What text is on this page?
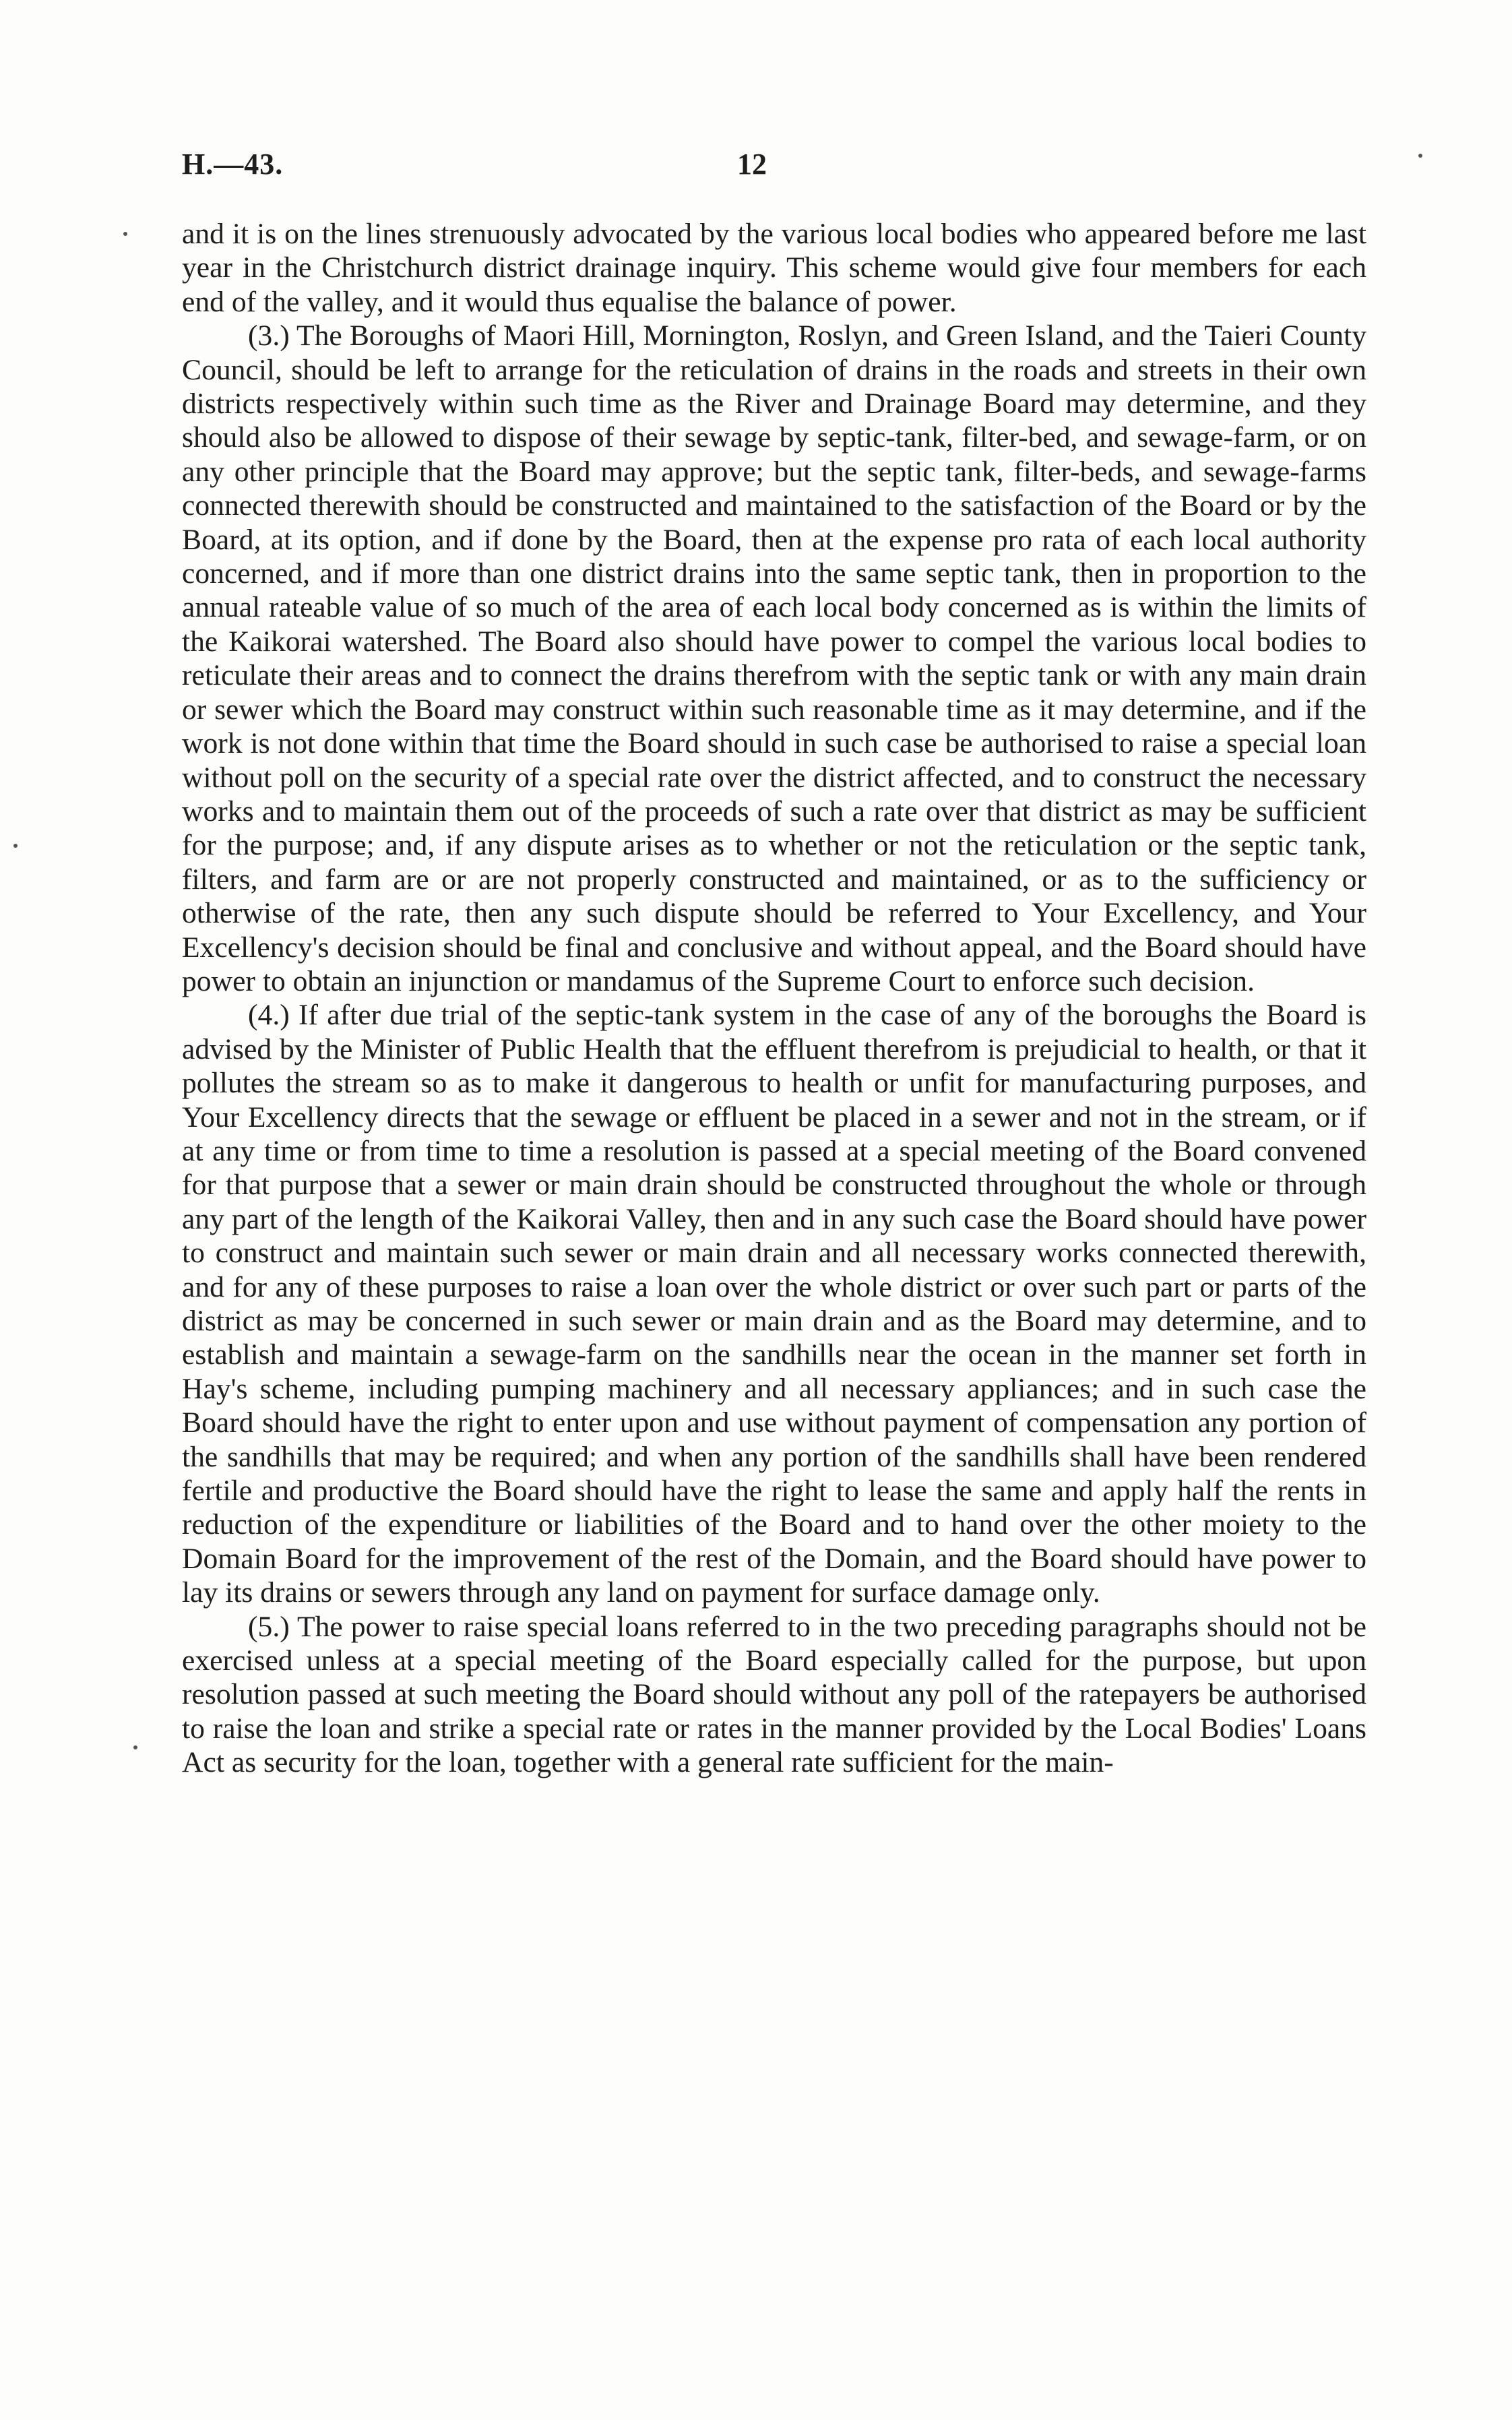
H.—43.	12

and it is on the lines strenuously advocated by the various local bodies who appeared before me last year in the Christchurch district drainage inquiry. This scheme would give four members for each end of the valley, and it would thus equalise the balance of power.

(3.) The Boroughs of Maori Hill, Mornington, Roslyn, and Green Island, and the Taieri County Council, should be left to arrange for the reticulation of drains in the roads and streets in their own districts respectively within such time as the River and Drainage Board may determine, and they should also be allowed to dispose of their sewage by septic-tank, filter-bed, and sewage-farm, or on any other principle that the Board may approve; but the septic tank, filter-beds, and sewage-farms connected therewith should be constructed and maintained to the satisfaction of the Board or by the Board, at its option, and if done by the Board, then at the expense pro rata of each local authority concerned, and if more than one district drains into the same septic tank, then in proportion to the annual rateable value of so much of the area of each local body concerned as is within the limits of the Kaikorai watershed. The Board also should have power to compel the various local bodies to reticulate their areas and to connect the drains therefrom with the septic tank or with any main drain or sewer which the Board may construct within such reasonable time as it may determine, and if the work is not done within that time the Board should in such case be authorised to raise a special loan without poll on the security of a special rate over the district affected, and to construct the necessary works and to maintain them out of the proceeds of such a rate over that district as may be sufficient for the purpose; and, if any dispute arises as to whether or not the reticulation or the septic tank, filters, and farm are or are not properly constructed and maintained, or as to the sufficiency or otherwise of the rate, then any such dispute should be referred to Your Excellency, and Your Excellency's decision should be final and conclusive and without appeal, and the Board should have power to obtain an injunction or mandamus of the Supreme Court to enforce such decision.

(4.) If after due trial of the septic-tank system in the case of any of the boroughs the Board is advised by the Minister of Public Health that the effluent therefrom is prejudicial to health, or that it pollutes the stream so as to make it dangerous to health or unfit for manufacturing purposes, and Your Excellency directs that the sewage or effluent be placed in a sewer and not in the stream, or if at any time or from time to time a resolution is passed at a special meeting of the Board convened for that purpose that a sewer or main drain should be constructed throughout the whole or through any part of the length of the Kaikorai Valley, then and in any such case the Board should have power to construct and maintain such sewer or main drain and all necessary works connected therewith, and for any of these purposes to raise a loan over the whole district or over such part or parts of the district as may be concerned in such sewer or main drain and as the Board may determine, and to establish and maintain a sewage-farm on the sandhills near the ocean in the manner set forth in Hay's scheme, including pumping machinery and all necessary appliances; and in such case the Board should have the right to enter upon and use without payment of compensation any portion of the sandhills that may be required; and when any portion of the sandhills shall have been rendered fertile and productive the Board should have the right to lease the same and apply half the rents in reduction of the expenditure or liabilities of the Board and to hand over the other moiety to the Domain Board for the improvement of the rest of the Domain, and the Board should have power to lay its drains or sewers through any land on payment for surface damage only.

(5.) The power to raise special loans referred to in the two preceding paragraphs should not be exercised unless at a special meeting of the Board especially called for the purpose, but upon resolution passed at such meeting the Board should without any poll of the ratepayers be authorised to raise the loan and strike a special rate or rates in the manner provided by the Local Bodies' Loans Act as security for the loan, together with a general rate sufficient for the main-
